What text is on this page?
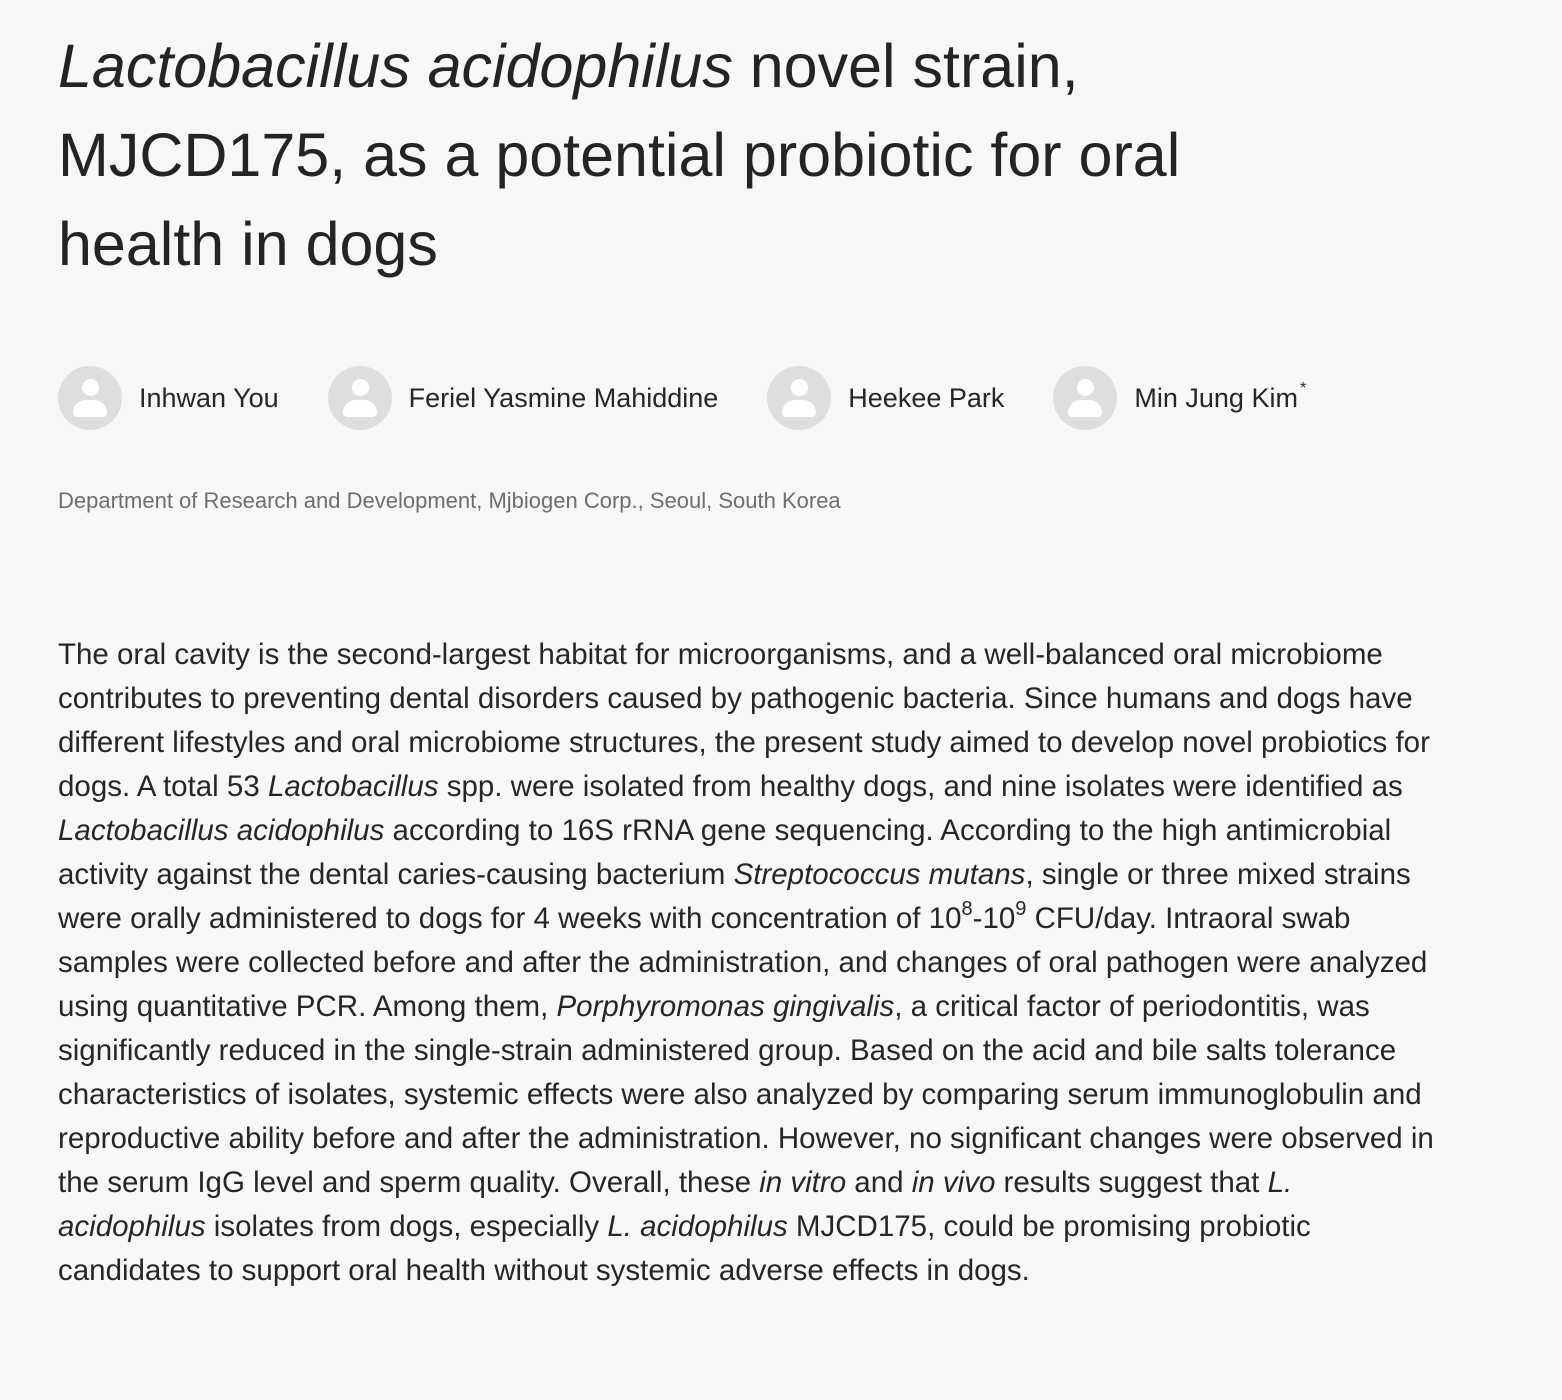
Lactobacillus acidophilus novel strain, MJCD175, as a potential probiotic for oral health in dogs
Inhwan You	Feriel Yasmine Mahiddine	Heekee Park	Min Jung Kim *
Department of Research and Development, Mjbiogen Corp., Seoul, South Korea

The oral cavity is the second-largest habitat for microorganisms, and a well-balanced oral microbiome contributes to preventing dental disorders caused by pathogenic bacteria. Since humans and dogs have different lifestyles and oral microbiome structures, the present study aimed to develop novel probiotics for dogs. A total 53 Lactobacillus spp. were isolated from healthy dogs, and nine isolates were identified as Lactobacillus acidophilus according to 16S rRNA gene sequencing. According to the high antimicrobial activity against the dental caries-causing bacterium Streptococcus mutans, single or three mixed strains were orally administered to dogs for 4 weeks with concentration of $10^8-10^9$ CFU/day. Intraoral swab samples were collected before and after the administration, and changes of oral pathogen were analyzed using quantitative PCR. Among them, Porphyromonas gingivalis, a critical factor of periodontitis, was significantly reduced in the single-strain administered group. Based on the acid and bile salts tolerance characteristics of isolates, systemic effects were also analyzed by comparing serum immunoglobulin and reproductive ability before and after the administration. However, no significant changes were observed in the serum IgG level and sperm quality. Overall, these in vitro and in vivo results suggest that L. acidophilus isolates from dogs, especially L. acidophilus MJCD175, could be promising probiotic candidates to support oral health without systemic adverse effects in dogs.
